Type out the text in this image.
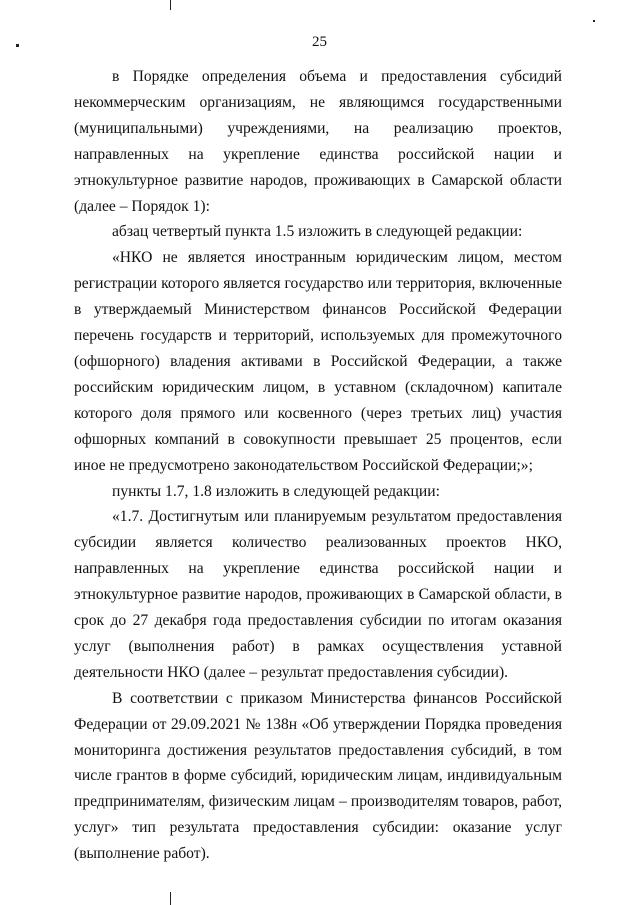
25

в Порядке определения объема и предоставления субсидий некоммерческим организациям, не являющимся государственными (муниципальными) учреждениями, на реализацию проектов, направленных на укрепление единства российской нации и этнокультурное развитие народов, проживающих в Самарской области (далее – Порядок 1):

абзац четвертый пункта 1.5 изложить в следующей редакции:

«НКО не является иностранным юридическим лицом, местом регистрации которого является государство или территория, включенные в утверждаемый Министерством финансов Российской Федерации перечень государств и территорий, используемых для промежуточного (офшорного) владения активами в Российской Федерации, а также российским юридическим лицом, в уставном (складочном) капитале которого доля прямого или косвенного (через третьих лиц) участия офшорных компаний в совокупности превышает 25 процентов, если иное не предусмотрено законодательством Российской Федерации;»;

пункты 1.7, 1.8 изложить в следующей редакции:

«1.7. Достигнутым или планируемым результатом предоставления субсидии является количество реализованных проектов НКО, направленных на укрепление единства российской нации и этнокультурное развитие народов, проживающих в Самарской области, в срок до 27 декабря года предоставления субсидии по итогам оказания услуг (выполнения работ) в рамках осуществления уставной деятельности НКО (далее – результат предоставления субсидии).

В соответствии с приказом Министерства финансов Российской Федерации от 29.09.2021 № 138н «Об утверждении Порядка проведения мониторинга достижения результатов предоставления субсидий, в том числе грантов в форме субсидий, юридическим лицам, индивидуальным предпринимателям, физическим лицам – производителям товаров, работ, услуг» тип результата предоставления субсидии: оказание услуг (выполнение работ).
